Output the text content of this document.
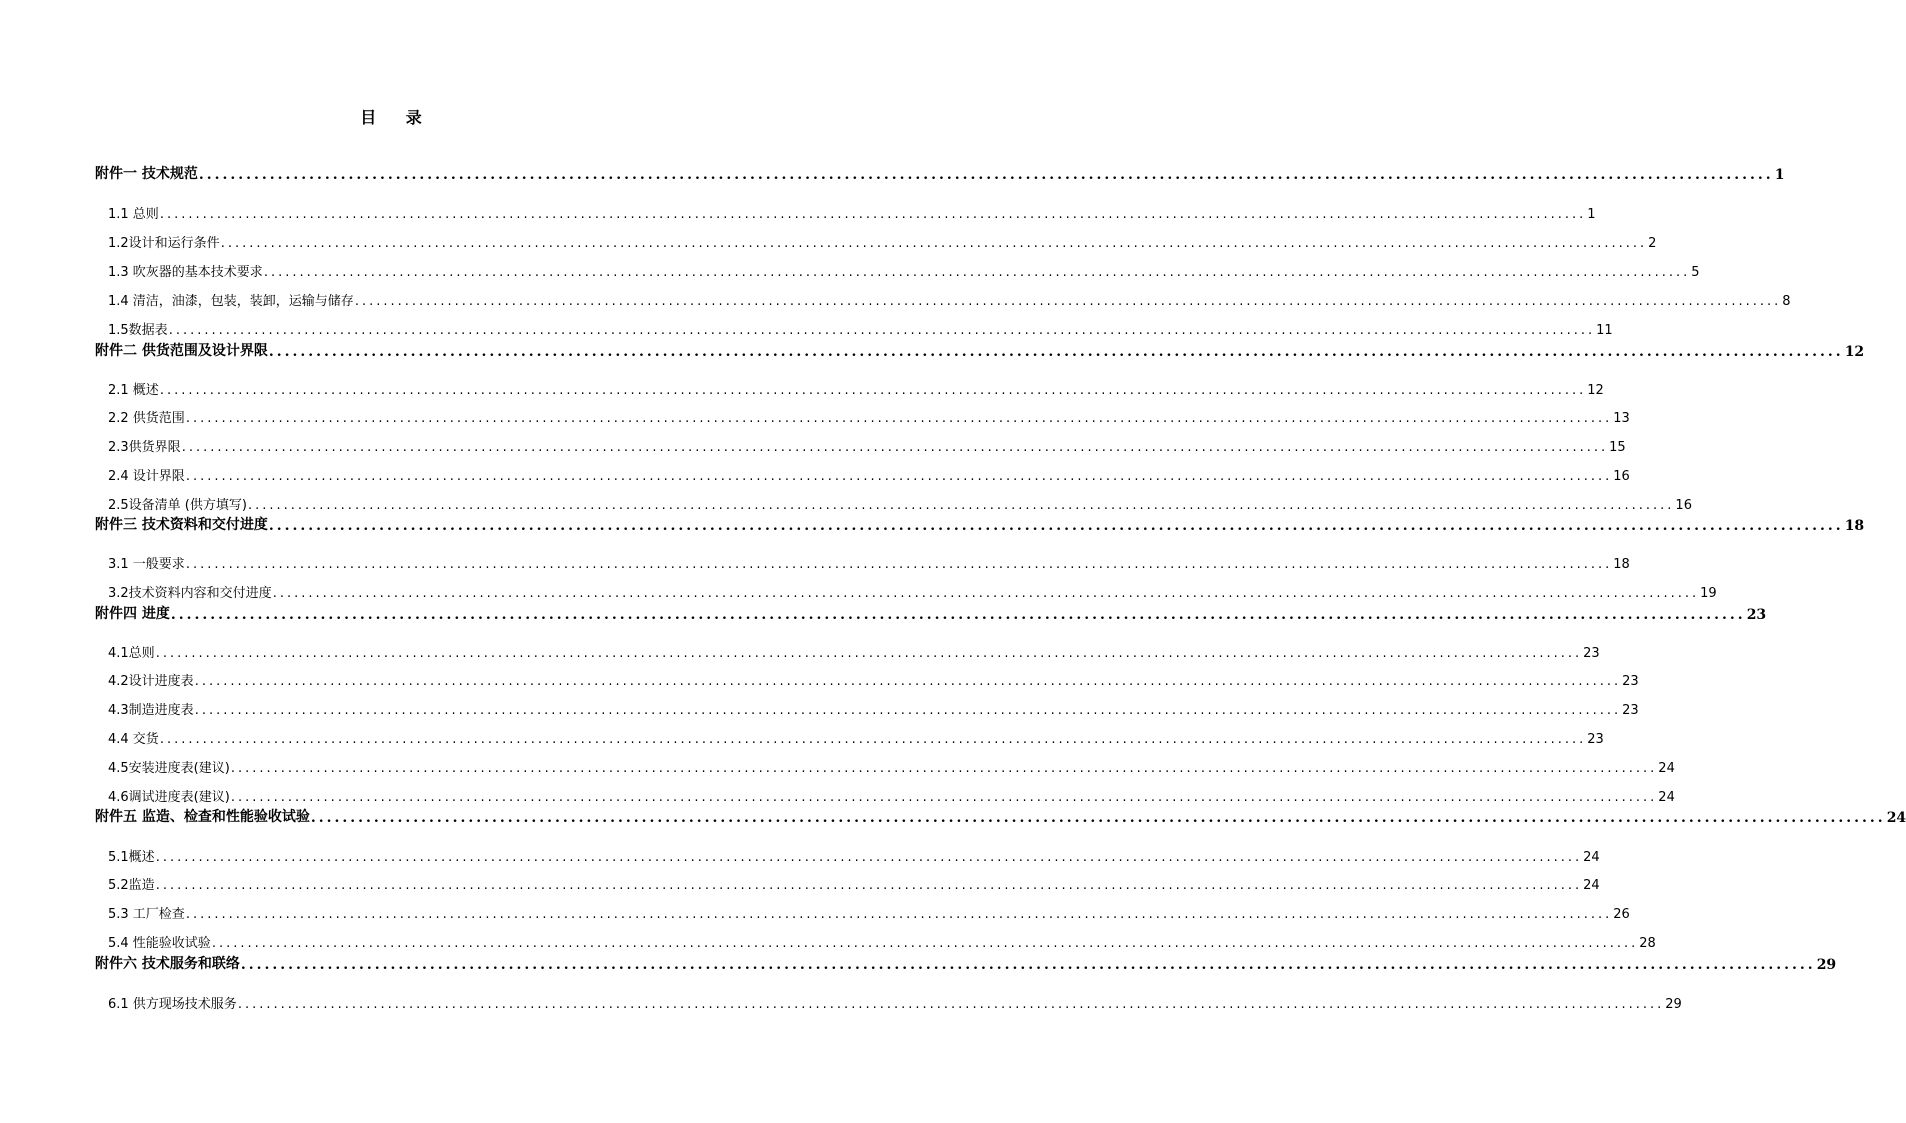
目 录
附件一 技术规范 ........................................................................................................................................................................................................ 1
1.1 总则 ........................................................................................................................................................................................................ 1
1.2设计和运行条件 ........................................................................................................................................................................................................ 2
1.3 吹灰器的基本技术要求 ........................................................................................................................................................................................................ 5
1.4 清洁，油漆，包装，装卸，运输与储存 ........................................................................................................................................................................................................ 8
1.5数据表 ........................................................................................................................................................................................................ 11
附件二 供货范围及设计界限 ........................................................................................................................................................................................................ 12
2.1 概述 ........................................................................................................................................................................................................ 12
2.2 供货范围 ........................................................................................................................................................................................................ 13
2.3供货界限 ........................................................................................................................................................................................................ 15
2.4 设计界限 ........................................................................................................................................................................................................ 16
2.5设备清单 (供方填写) ........................................................................................................................................................................................................ 16
附件三 技术资料和交付进度 ........................................................................................................................................................................................................ 18
3.1 一般要求 ........................................................................................................................................................................................................ 18
3.2技术资料内容和交付进度 ........................................................................................................................................................................................................ 19
附件四 进度 ........................................................................................................................................................................................................ 23
4.1总则 ........................................................................................................................................................................................................ 23
4.2设计进度表 ........................................................................................................................................................................................................ 23
4.3制造进度表 ........................................................................................................................................................................................................ 23
4.4 交货 ........................................................................................................................................................................................................ 23
4.5安装进度表(建议) ........................................................................................................................................................................................................ 24
4.6调试进度表(建议) ........................................................................................................................................................................................................ 24
附件五 监造、检查和性能验收试验 ........................................................................................................................................................................................................ 24
5.1概述 ........................................................................................................................................................................................................ 24
5.2监造 ........................................................................................................................................................................................................ 24
5.3 工厂检查 ........................................................................................................................................................................................................ 26
5.4 性能验收试验 ........................................................................................................................................................................................................ 28
附件六 技术服务和联络 ........................................................................................................................................................................................................ 29
6.1 供方现场技术服务 ........................................................................................................................................................................................................ 29
